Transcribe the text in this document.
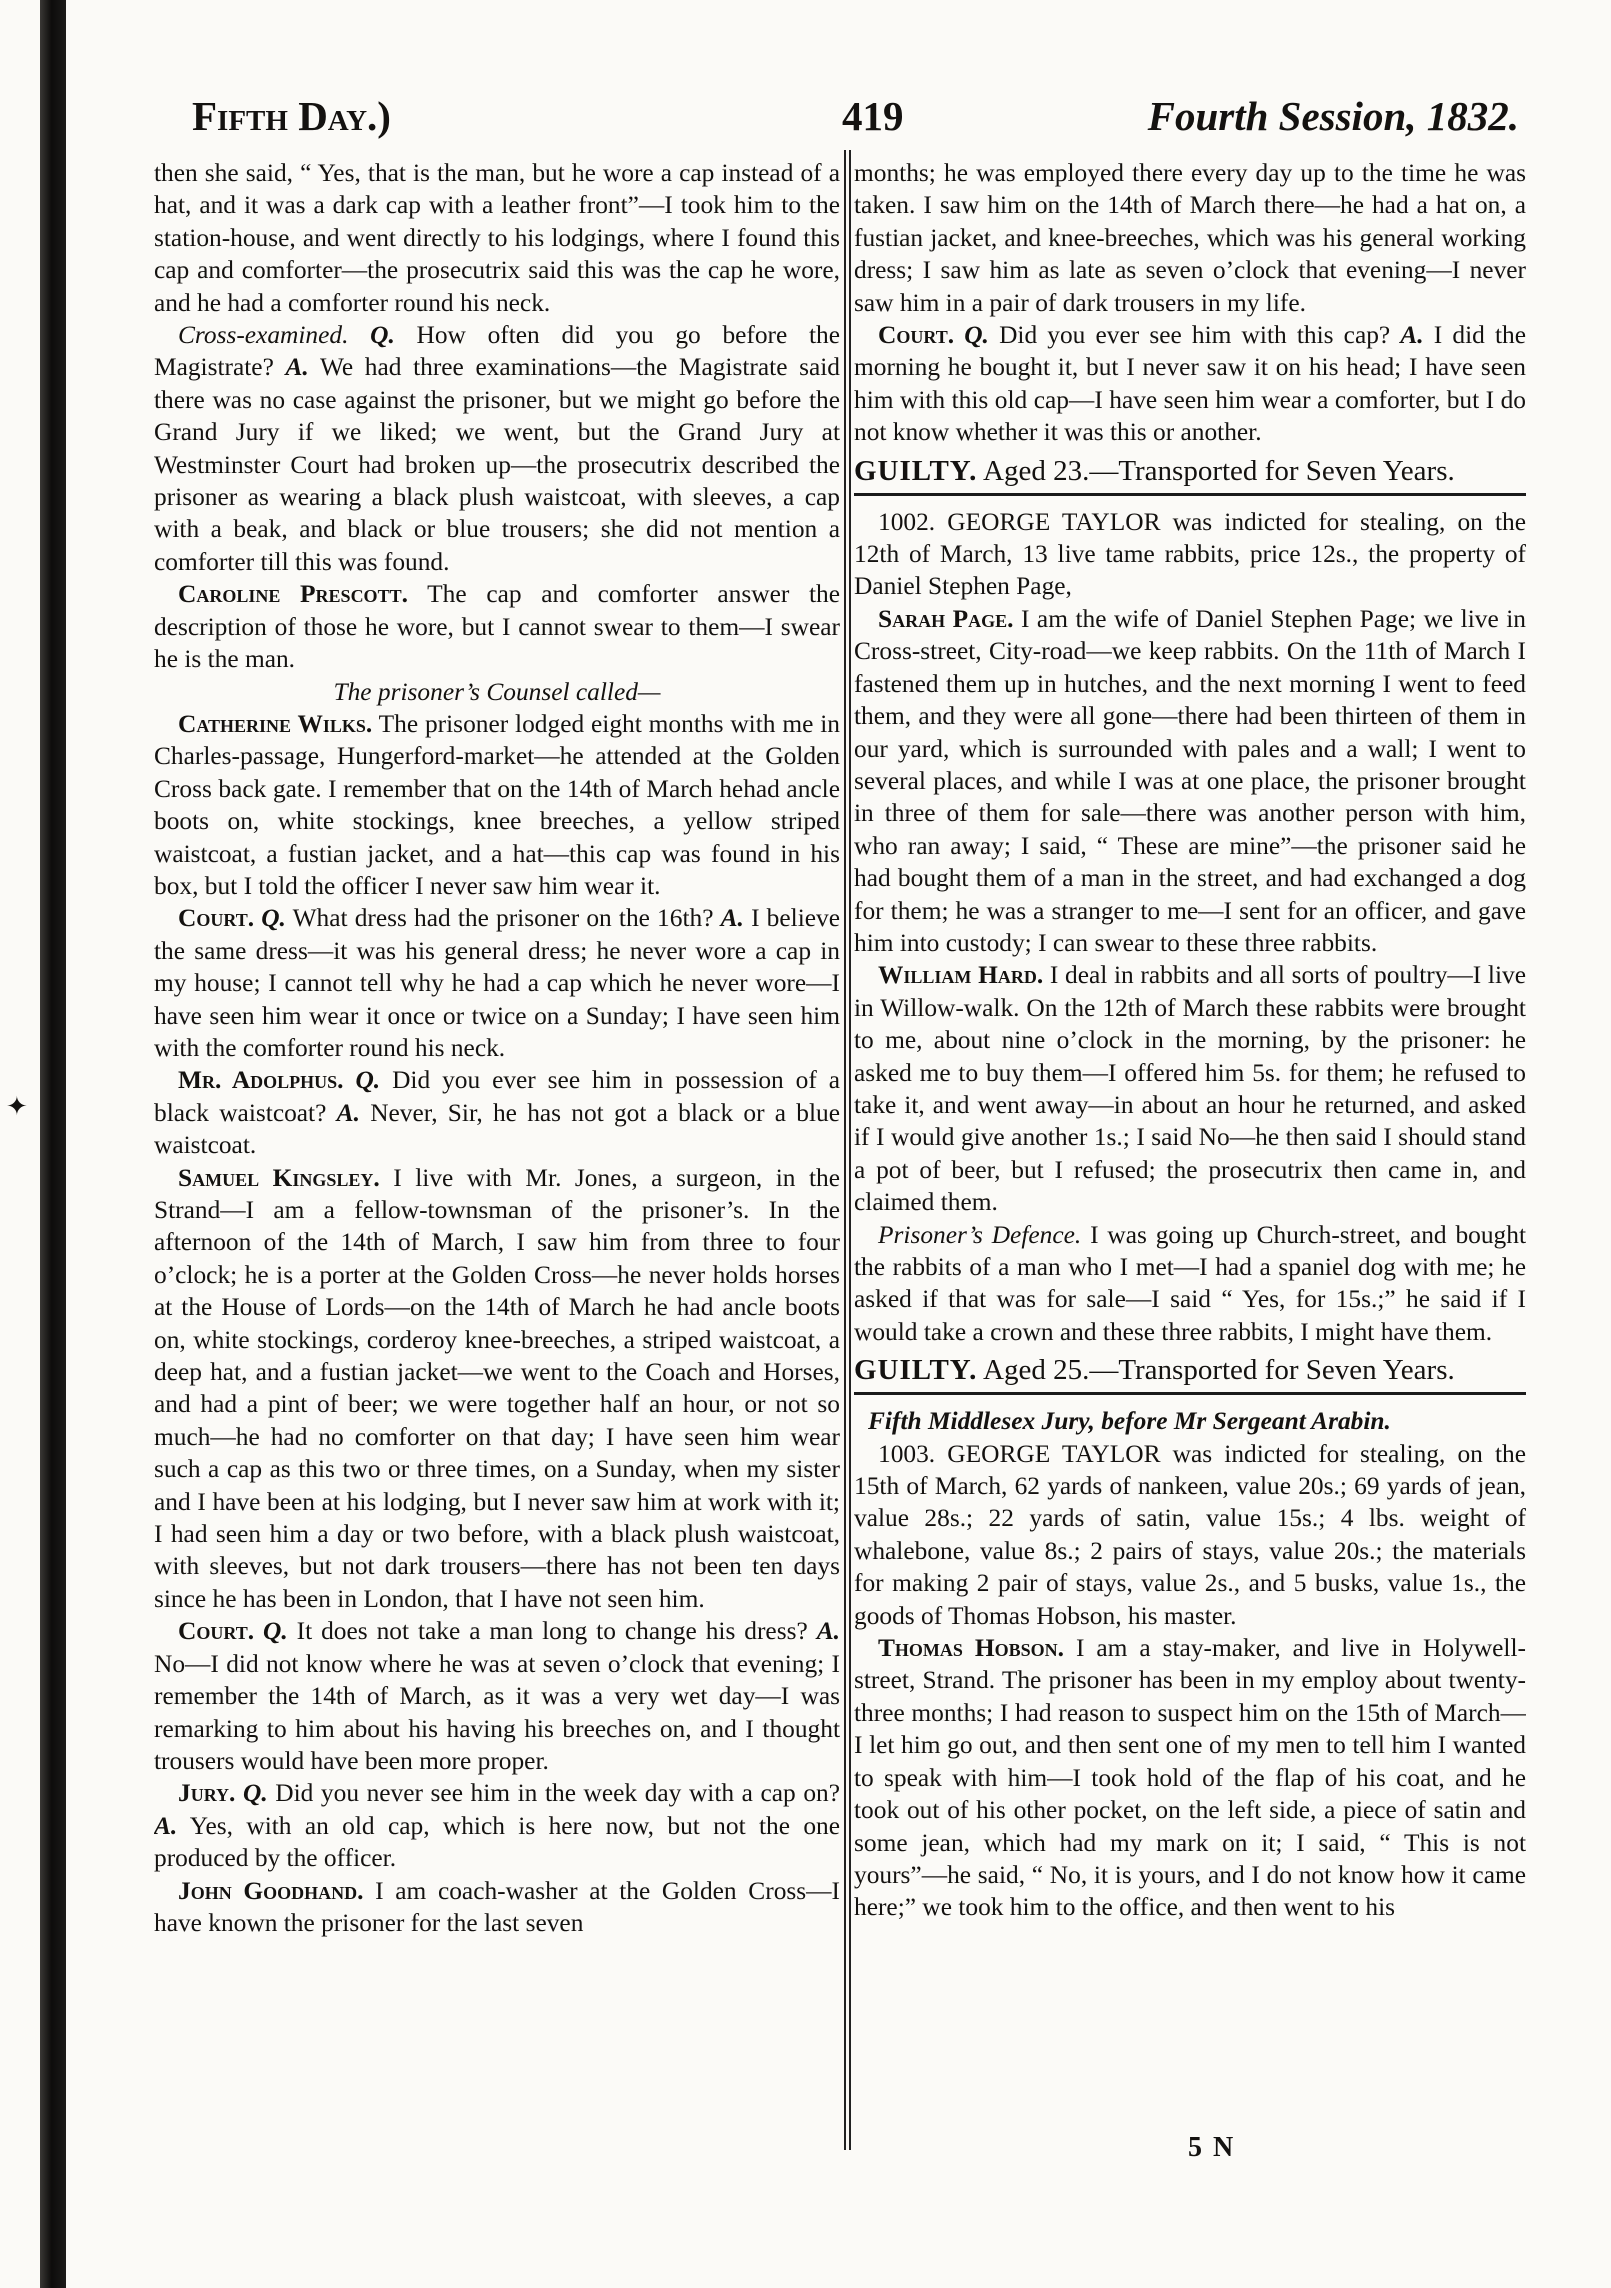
✦
Fifth Day.)	419	Fourth Session, 1832.

then she said, “ Yes, that is the man, but he wore a cap instead of a hat, and it was a dark cap with a leather front”—I took him to the station-house, and went directly to his lodgings, where I found this cap and comforter—the prosecutrix said this was the cap he wore, and he had a comforter round his neck.

Cross-examined. Q. How often did you go before the Magistrate? A. We had three examinations—the Magistrate said there was no case against the prisoner, but we might go before the Grand Jury if we liked; we went, but the Grand Jury at Westminster Court had broken up—the prosecutrix described the prisoner as wearing a black plush waistcoat, with sleeves, a cap with a beak, and black or blue trousers; she did not mention a comforter till this was found.

Caroline Prescott. The cap and comforter answer the description of those he wore, but I cannot swear to them—I swear he is the man.

The prisoner’s Counsel called—

Catherine Wilks. The prisoner lodged eight months with me in Charles-passage, Hungerford-market—he attended at the Golden Cross back gate. I remember that on the 14th of March hehad ancle boots on, white stockings, knee breeches, a yellow striped waistcoat, a fustian jacket, and a hat—this cap was found in his box, but I told the officer I never saw him wear it.

Court. Q. What dress had the prisoner on the 16th? A. I believe the same dress—it was his general dress; he never wore a cap in my house; I cannot tell why he had a cap which he never wore—I have seen him wear it once or twice on a Sunday; I have seen him with the comforter round his neck.

Mr. Adolphus. Q. Did you ever see him in possession of a black waistcoat? A. Never, Sir, he has not got a black or a blue waistcoat.

Samuel Kingsley. I live with Mr. Jones, a surgeon, in the Strand—I am a fellow-townsman of the prisoner’s. In the afternoon of the 14th of March, I saw him from three to four o’clock; he is a porter at the Golden Cross—he never holds horses at the House of Lords—on the 14th of March he had ancle boots on, white stockings, corderoy knee-breeches, a striped waistcoat, a deep hat, and a fustian jacket—we went to the Coach and Horses, and had a pint of beer; we were together half an hour, or not so much—he had no comforter on that day; I have seen him wear such a cap as this two or three times, on a Sunday, when my sister and I have been at his lodging, but I never saw him at work with it; I had seen him a day or two before, with a black plush waistcoat, with sleeves, but not dark trousers—there has not been ten days since he has been in London, that I have not seen him.

Court. Q. It does not take a man long to change his dress? A. No—I did not know where he was at seven o’clock that evening; I remember the 14th of March, as it was a very wet day—I was remarking to him about his having his breeches on, and I thought trousers would have been more proper.

Jury. Q. Did you never see him in the week day with a cap on? A. Yes, with an old cap, which is here now, but not the one produced by the officer.

John Goodhand. I am coach-washer at the Golden Cross—I have known the prisoner for the last seven

months; he was employed there every day up to the time he was taken. I saw him on the 14th of March there—he had a hat on, a fustian jacket, and knee-breeches, which was his general working dress; I saw him as late as seven o’clock that evening—I never saw him in a pair of dark trousers in my life.

Court. Q. Did you ever see him with this cap? A. I did the morning he bought it, but I never saw it on his head; I have seen him with this old cap—I have seen him wear a comforter, but I do not know whether it was this or another.

GUILTY. Aged 23.—Transported for Seven Years.

1002. GEORGE TAYLOR was indicted for stealing, on the 12th of March, 13 live tame rabbits, price 12s., the property of Daniel Stephen Page,

Sarah Page. I am the wife of Daniel Stephen Page; we live in Cross-street, City-road—we keep rabbits. On the 11th of March I fastened them up in hutches, and the next morning I went to feed them, and they were all gone—there had been thirteen of them in our yard, which is surrounded with pales and a wall; I went to several places, and while I was at one place, the prisoner brought in three of them for sale—there was another person with him, who ran away; I said, “ These are mine”—the prisoner said he had bought them of a man in the street, and had exchanged a dog for them; he was a stranger to me—I sent for an officer, and gave him into custody; I can swear to these three rabbits.

William Hard. I deal in rabbits and all sorts of poultry—I live in Willow-walk. On the 12th of March these rabbits were brought to me, about nine o’clock in the morning, by the prisoner: he asked me to buy them—I offered him 5s. for them; he refused to take it, and went away—in about an hour he returned, and asked if I would give another 1s.; I said No—he then said I should stand a pot of beer, but I refused; the prosecutrix then came in, and claimed them.

Prisoner’s Defence. I was going up Church-street, and bought the rabbits of a man who I met—I had a spaniel dog with me; he asked if that was for sale—I said “ Yes, for 15s.;” he said if I would take a crown and these three rabbits, I might have them.

GUILTY. Aged 25.—Transported for Seven Years.

Fifth Middlesex Jury, before Mr Sergeant Arabin.

1003. GEORGE TAYLOR was indicted for stealing, on the 15th of March, 62 yards of nankeen, value 20s.; 69 yards of jean, value 28s.; 22 yards of satin, value 15s.; 4 lbs. weight of whalebone, value 8s.; 2 pairs of stays, value 20s.; the materials for making 2 pair of stays, value 2s., and 5 busks, value 1s., the goods of Thomas Hobson, his master.

Thomas Hobson. I am a stay-maker, and live in Holywell-street, Strand. The prisoner has been in my employ about twenty-three months; I had reason to suspect him on the 15th of March—I let him go out, and then sent one of my men to tell him I wanted to speak with him—I took hold of the flap of his coat, and he took out of his other pocket, on the left side, a piece of satin and some jean, which had my mark on it; I said, “ This is not yours”—he said, “ No, it is yours, and I do not know how it came here;” we took him to the office, and then went to his

5 N
